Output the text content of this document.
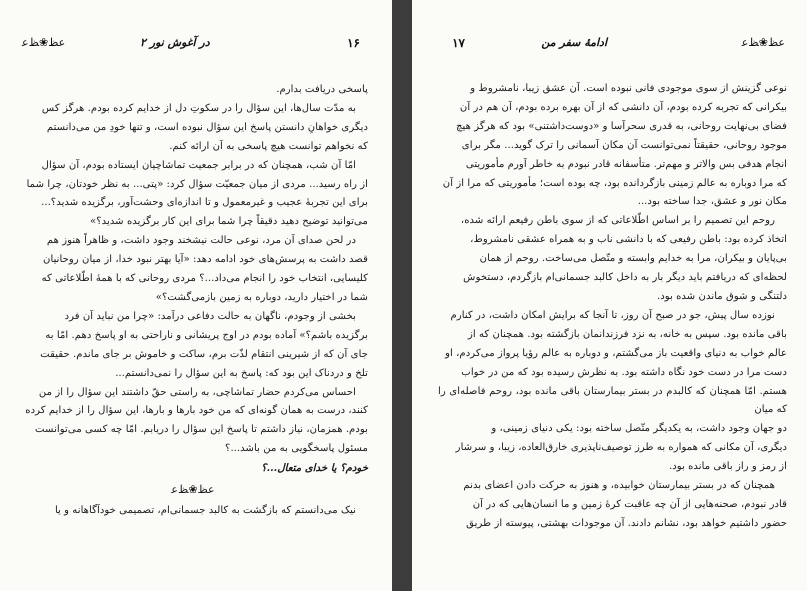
ﻋﻆ❀ﻆﻋ	در آغوش نور ۲	۱۶

پاسخی دریافت بدارم.

به مدّت سال‌ها، این سؤال را در سکوتِ دل از خدایم کرده بودم. هرگز کس

دیگری خواهانِ دانستن پاسخ این سؤال نبوده است، و تنها خودِ من می‌دانستم

که نخواهم توانست هیچ پاسخی به آن ارائه کنم.

امّا آن شب، همچنان که در برابر جمعیت تماشاچیان ایستاده بودم، آن سؤال

از راه رسید... مردی از میان جمعیّت سؤال کرد: «پتی... به نظر خودتان، چرا شما

برای این تجربهٔ عجیب و غیرمعمول و تا اندازه‌ای وحشت‌آور، برگزیده شدید؟...

می‌توانید توضیح دهید دقیقاً چرا شما برای این کار برگزیده شدید؟»

در لحن صدای آن مرد، نوعی حالت نیشخند وجود داشت، و ظاهراً هنوز هم

قصد داشت به پرسش‌های خود ادامه دهد: «آیا بهتر نبود خدا، از میان روحانیان

کلیسایی، انتخاب خود را انجام می‌داد...؟ مردی روحانی که با همهٔ اطّلاعاتی که

شما در اختیار دارید، دوباره به زمین بازمی‌گشت؟»

بخشی از وجودم، ناگهان به حالت دفاعی درآمد: «چرا من نباید آن فرد

برگزیده باشم؟» آماده بودم در اوج پریشانی و ناراحتی به او پاسخ دهم. امّا به

جای آن که از شیرینی انتقام لذّت برم، ساکت و خاموش بر جای ماندم. حقیقت

تلخ و دردناک این بود که: پاسخ به این سؤال را نمی‌دانستم...

احساس می‌کردم حضار تماشاچی، به راستی حقّ داشتند این سؤال را از من

کنند، درست به همان گونه‌ای که من خود بارها و بارها، این سؤال را از خدایم کرده

بودم. همزمان، نیاز داشتم تا پاسخ این سؤال را دریابم. امّا چه کسی می‌توانست

مسئول پاسخگویی به من باشد...؟

خودم؟ یا خدای متعال...؟

ﻋﻆ❀ﻆﻋ

نیک می‌دانستم که بازگشت به کالبد جسمانی‌ام، تصمیمی خودآگاهانه و یا

۱۷	ادامهٔ سفر من	ﻋﻆ❀ﻆﻋ

نوعی گزینش از سوی موجودی فانی نبوده است. آن عشق زیبا، نامشروط و

بیکرانی که تجربه کرده بودم، آن دانشی که از آن بهره برده بودم، آن هم در آن

فضای بی‌نهایت روحانی، به قدری سحرآسا و «دوست‌داشتنی» بود که هرگز هیچ

موجود روحانی، حقیقتاً نمی‌توانست آن مکان آسمانی را ترک گوید... مگر برای

انجام هدفی بس والاتر و مهم‌تر. متأسفانه قادر نبودم به خاطر آورم مأموریتی

که مرا دوباره به عالم زمینی بازگردانده بود، چه بوده است؛ مأموریتی که مرا از آن

مکان نور و عشق، جدا ساخته بود...

روحم این تصمیم را بر اساس اطّلاعاتی که از سوی باطن رفیعم ارائه شده،

اتخاذ کرده بود: باطن رفیعی که با دانشی ناب و به همراه عشقی نامشروط،

بی‌پایان و بیکران، مرا به خدایم وابسته و متّصل می‌ساخت. روحم از همان

لحظه‌ای که دریافتم باید دیگر بار به داخل کالبد جسمانی‌ام بازگردم، دستخوش

دلتنگی و شوق ماندن شده بود.

نوزده سال پیش، جو در صبح آن روز، تا آنجا که برایش امکان داشت، در کنارم

باقی مانده بود. سپس به خانه، به نزد فرزندانمان بازگشته بود. همچنان که از

عالم خواب به دنیای واقعیت باز می‌گشتم، و دوباره به عالم رؤیا پرواز می‌کردم، او

دست مرا در دست خود نگاه داشته بود. به نظرش رسیده بود که من در خواب

هستم. امّا همچنان که کالبدم در بستر بیمارستان باقی مانده بود، روحم فاصله‌ای را که میان

دو جهان وجود داشت، به یکدیگر متّصل ساخته بود: یکی دنیای زمینی، و

دیگری، آن مکانی که همواره به طرز توصیف‌ناپذیری خارق‌العاده، زیبا، و سرشار

از رمز و راز باقی مانده بود.

همچنان که در بستر بیمارستان خوابیده، و هنوز به حرکت دادن اعضای بدنم

قادر نبودم، صحنه‌هایی از آن چه عاقبت کرهٔ زمین و ما انسان‌هایی که در آن

حضور داشتیم خواهد بود، نشانم دادند. آن موجودات بهشتی، پیوسته از طریق
